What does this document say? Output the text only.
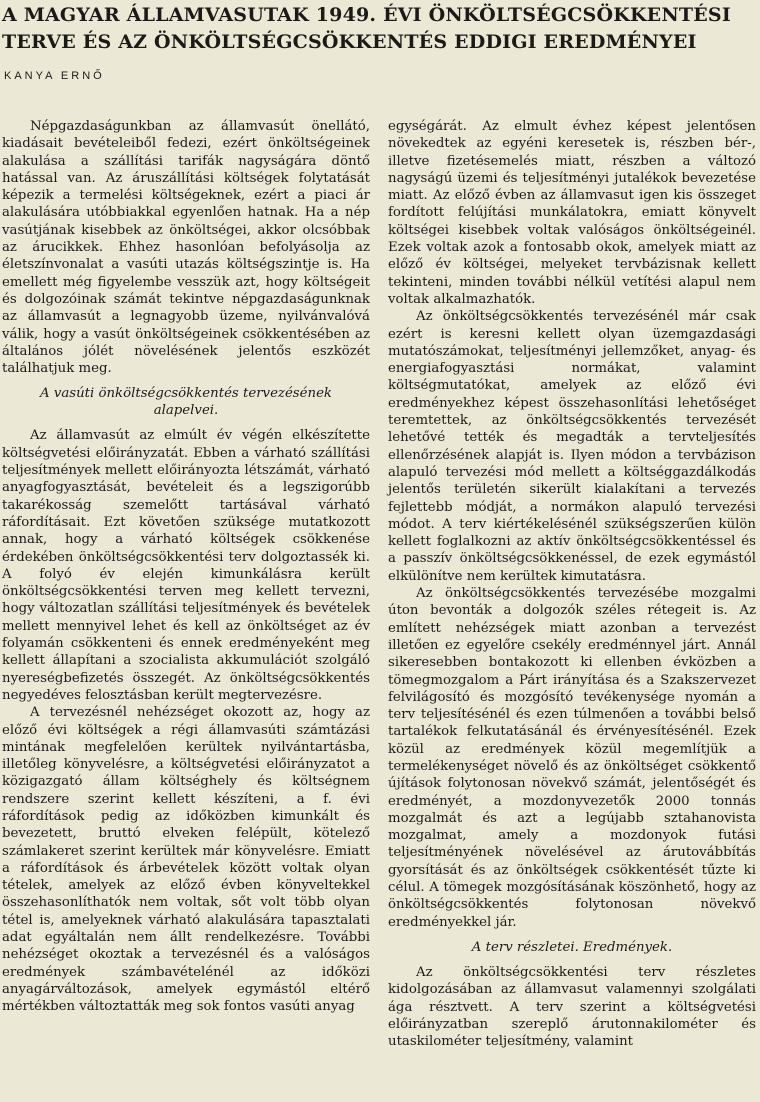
A MAGYAR ÁLLAMVASUTAK 1949. ÉVI ÖNKÖLTSÉGCSÖKKENTÉSI
TERVE ÉS AZ ÖNKÖLTSÉGCSÖKKENTÉS EDDIGI EREDMÉNYEI
KANYA ERNŐ

Népgazdaságunkban az államvasút önellátó, kiadásait bevételeiből fedezi, ezért önköltségeinek alakulása a szállítási tarifák nagyságára döntő hatással van. Az áruszállítási költségek folytatását képezik a termelési költségeknek, ezért a piaci ár alakulására utóbbiakkal egyenlően hatnak. Ha a nép vasútjának kisebbek az önköltségei, akkor olcsóbbak az árucikkek. Ehhez hasonlóan befolyásolja az életszínvonalat a vasúti utazás költségszintje is. Ha emellett még figyelembe vesszük azt, hogy költségeit és dolgozóinak számát tekintve népgazdaságunknak az államvasút a legnagyobb üzeme, nyilvánvalóvá válik, hogy a vasút önköltségeinek csökkentésében az általános jólét növelésének jelentős eszközét találhatjuk meg.

A vasúti önköltségcsökkentés tervezésének alapelvei.

Az államvasút az elmúlt év végén elkészítette költségvetési előirányzatát. Ebben a várható szállítási teljesítmények mellett előirányozta létszámát, várható anyagfogyasztását, bevételeit és a legszigorúbb takarékosság szemelőtt tartásával várható ráfordításait. Ezt követően szüksége mutatkozott annak, hogy a várható költségek csökkenése érdekében önköltségcsökkentési terv dolgoztassék ki. A folyó év elején kimunkálásra került önköltségcsökkentési terven meg kellett tervezni, hogy változatlan szállítási teljesítmények és bevételek mellett mennyivel lehet és kell az önköltséget az év folyamán csökkenteni és ennek eredményeként meg kellett állapítani a szocialista akkumulációt szolgáló nyereségbefizetés összegét. Az önköltségcsökkentés negyedéves felosztásban került megtervezésre.

A tervezésnél nehézséget okozott az, hogy az előző évi költségek a régi államvasúti számtázási mintának megfelelően kerültek nyilvántartásba, illetőleg könyvelésre, a költségvetési előirányzatot a közigazgató állam költséghely és költségnem rendszere szerint kellett készíteni, a f. évi ráfordítások pedig az időközben kimunkált és bevezetett, bruttó elveken felépült, kötelező számlakeret szerint kerültek már könyvelésre. Emiatt a ráfordítások és árbevételek között voltak olyan tételek, amelyek az előző évben könyveltekkel összehasonlíthatók nem voltak, sőt volt több olyan tétel is, amelyeknek várható alakulására tapasztalati adat egyáltalán nem állt rendelkezésre. További nehézséget okoztak a tervezésnél és a valóságos eredmények számbavételénél az időközi anyagárváltozások, amelyek egymástól eltérő mértékben változtatták meg sok fontos vasúti anyag

egységárát. Az elmult évhez képest jelentősen növekedtek az egyéni keresetek is, részben bér-, illetve fizetésemelés miatt, részben a változó nagyságú üzemi és teljesítményi jutalékok bevezetése miatt. Az előző évben az államvasut igen kis összeget fordított felújítási munkálatokra, emiatt könyvelt költségei kisebbek voltak valóságos önköltségeinél. Ezek voltak azok a fontosabb okok, amelyek miatt az előző év költségei, melyeket tervbázisnak kellett tekinteni, minden további nélkül vetítési alapul nem voltak alkalmazhatók.

Az önköltségcsökkentés tervezésénél már csak ezért is keresni kellett olyan üzemgazdasági mutatószámokat, teljesítményi jellemzőket, anyag- és energiafogyasztási normákat, valamint költségmutatókat, amelyek az előző évi eredményekhez képest összehasonlítási lehetőséget teremtettek, az önköltségcsökkentés tervezését lehetővé tették és megadták a tervteljesítés ellenőrzésének alapját is. Ilyen módon a tervbázison alapuló tervezési mód mellett a költséggazdálkodás jelentős területén sikerült kialakítani a tervezés fejlettebb módját, a normákon alapuló tervezési módot. A terv kiértékelésénél szükségszerűen külön kellett foglalkozni az aktív önköltségcsökkentéssel és a passzív önköltségcsökkenéssel, de ezek egymástól elkülönítve nem kerültek kimutatásra.

Az önköltségcsökkentés tervezésébe mozgalmi úton bevonták a dolgozók széles rétegeit is. Az említett nehézségek miatt azonban a tervezést illetően ez egyelőre csekély eredménnyel járt. Annál sikeresebben bontakozott ki ellenben évközben a tömegmozgalom a Párt irányítása és a Szakszervezet felvilágosító és mozgósító tevékenysége nyomán a terv teljesítésénél és ezen túlmenően a további belső tartalékok felkutatásánál és érvényesítésénél. Ezek közül az eredmények közül megemlítjük a termelékenységet növelő és az önköltséget csökkentő újítások folytonosan növekvő számát, jelentőségét és eredményét, a mozdonyvezetők 2000 tonnás mozgalmát és azt a legújabb sztahanovista mozgalmat, amely a mozdonyok futási teljesítményének növelésével az árutovábbítás gyorsítását és az önköltségek csökkentését tűzte ki célul. A tömegek mozgósításának köszönhető, hogy az önköltségcsökkentés folytonosan növekvő eredményekkel jár.

A terv részletei. Eredmények.

Az önköltségcsökkentési terv részletes kidolgozásában az államvasut valamennyi szolgálati ága résztvett. A terv szerint a költségvetési előirányzatban szereplő árutonnakilométer és utaskilométer teljesítmény, valamint
